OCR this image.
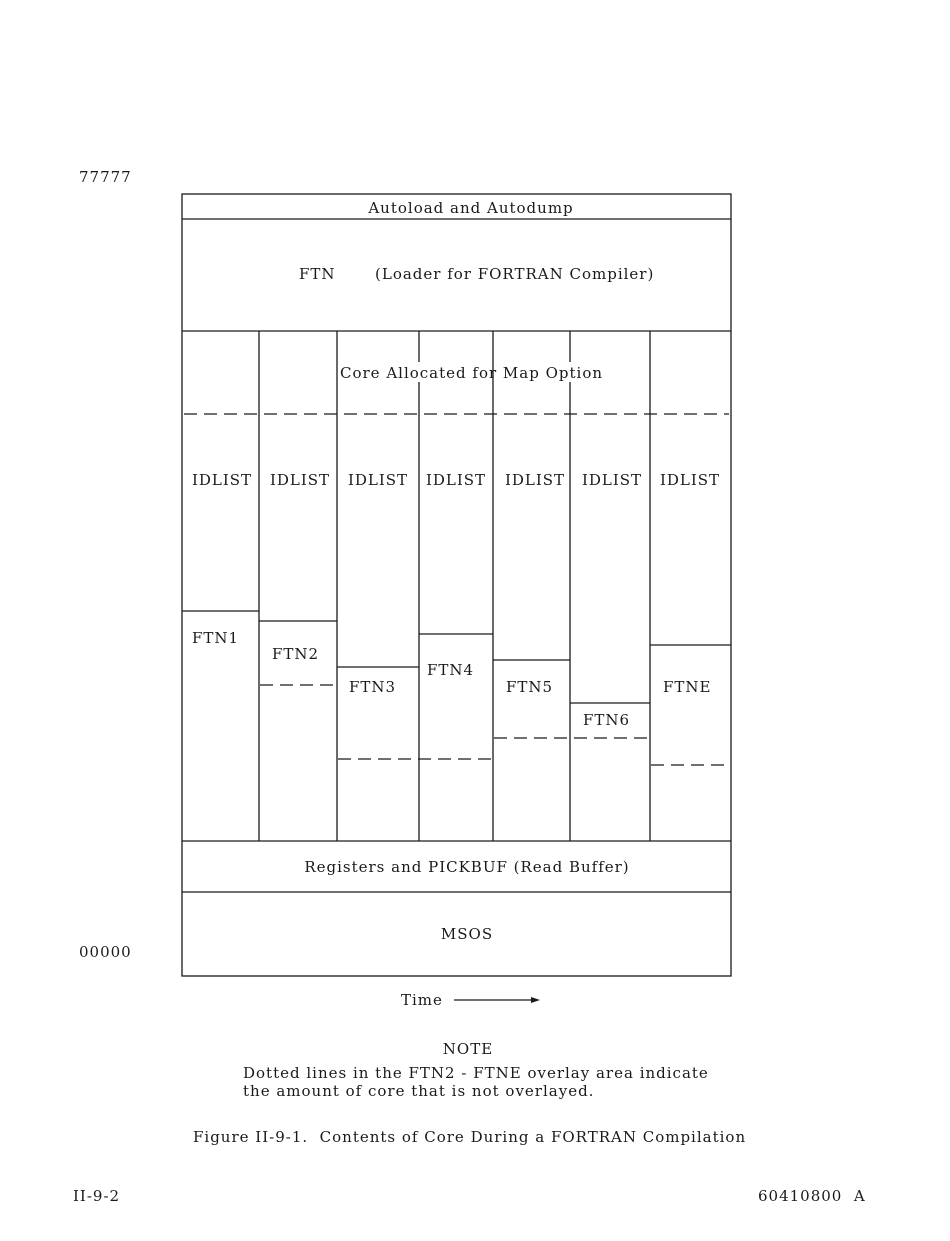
77777
00000
Autoload and Autodump
FTN	(Loader for FORTRAN Compiler)
Core Allocated for Map Option
IDLIST IDLIST IDLIST IDLIST IDLIST IDLIST IDLIST
FTN1
FTN2
FTN3
FTN4
FTN5
FTN6
FTNE
Registers and PICKBUF (Read Buffer)
MSOS
Time
NOTE
Dotted lines in the FTN2 - FTNE overlay area indicate
the amount of core that is not overlayed.
Figure II-9-1.  Contents of Core During a FORTRAN Compilation
II-9-2	60410800  A
